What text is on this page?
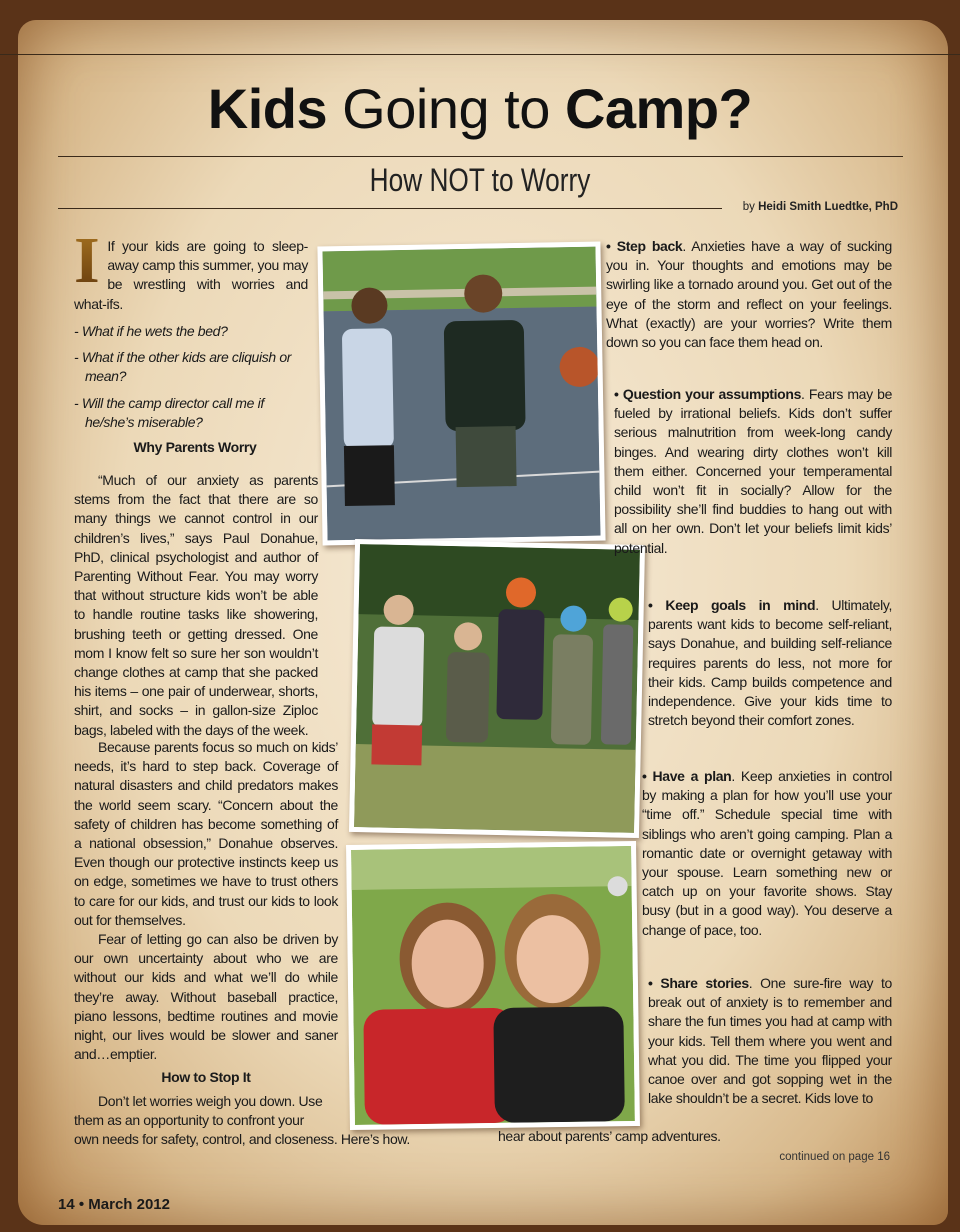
Kids Going to Camp?
How NOT to Worry
by Heidi Smith Luedtke, PhD

I If your kids are going to sleep-away camp this summer, you may be wrestling with worries and what-ifs.

- What if he wets the bed?

- What if the other kids are cliquish or mean?

- Will the camp director call me if he/she’s miserable?

Why Parents Worry

“Much of our anxiety as parents stems from the fact that there are so many things we cannot control in our children’s lives,” says Paul Donahue, PhD, clinical psychologist and author of Parenting Without Fear. You may worry that without structure kids won’t be able to handle routine tasks like showering, brushing teeth or getting dressed. One mom I know felt so sure her son wouldn’t change clothes at camp that she packed his items – one pair of underwear, shorts, shirt, and socks – in gallon-size Ziploc bags, labeled with the days of the week.

Because parents focus so much on kids’ needs, it’s hard to step back. Coverage of natural disasters and child predators makes the world seem scary. “Concern about the safety of children has become something of a national obsession,” Donahue observes. Even though our protective instincts keep us on edge, sometimes we have to trust others to care for our kids, and trust our kids to look out for themselves.

Fear of letting go can also be driven by our own uncertainty about who we are without our kids and what we’ll do while they’re away. Without baseball practice, piano lessons, bedtime routines and movie night, our lives would be slower and saner and…emptier.

How to Stop It

Don’t let worries weigh you down. Use

them as an opportunity to confront your

own needs for safety, control, and closeness. Here’s how.

• Step back. Anxieties have a way of sucking you in. Your thoughts and emotions may be swirling like a tornado around you. Get out of the eye of the storm and reflect on your feelings. What (exactly) are your worries? Write them down so you can face them head on.

• Question your assumptions. Fears may be fueled by irrational beliefs. Kids don’t suffer serious malnutrition from week-long candy binges. And wearing dirty clothes won’t kill them either. Concerned your temperamental child won’t fit in socially? Allow for the possibility she’ll find buddies to hang out with all on her own. Don’t let your beliefs limit kids’ potential.

• Keep goals in mind. Ultimately, parents want kids to become self-reliant, says Donahue, and building self-reliance requires parents do less, not more for their kids. Camp builds competence and independence. Give your kids time to stretch beyond their comfort zones.

• Have a plan. Keep anxieties in control by making a plan for how you’ll use your “time off.” Schedule special time with siblings who aren’t going camping. Plan a romantic date or overnight getaway with your spouse. Learn something new or catch up on your favorite shows. Stay busy (but in a good way). You deserve a change of pace, too.

• Share stories. One sure-fire way to break out of anxiety is to remember and share the fun times you had at camp with your kids. Tell them where you went and what you did. The time you flipped your canoe over and got sopping wet in the lake shouldn’t be a secret. Kids love to

hear about parents’ camp adventures.
continued on page 16
14 • March 2012
